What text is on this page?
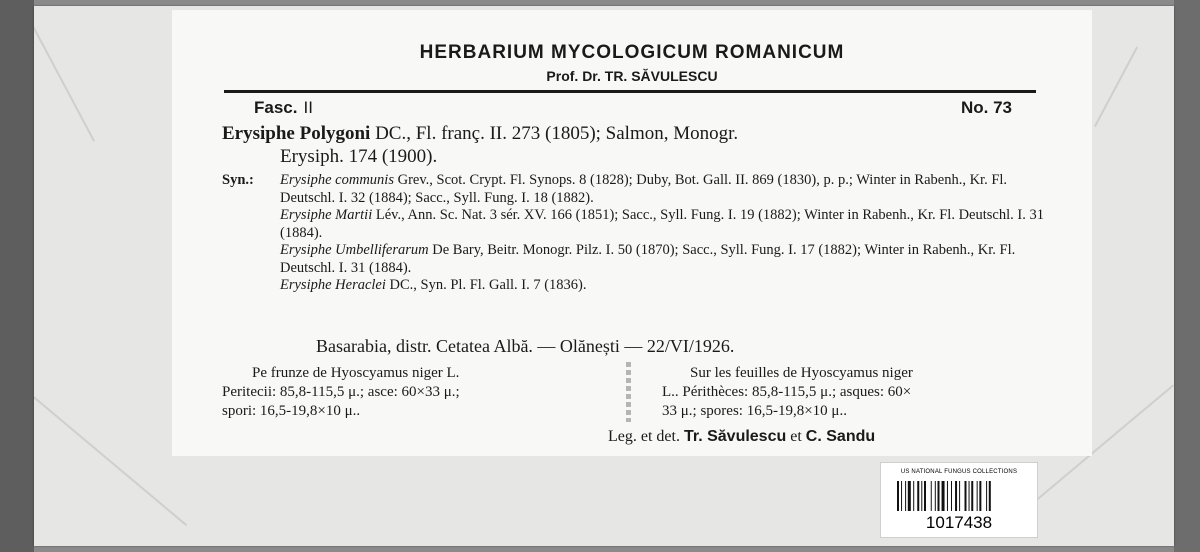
HERBARIUM MYCOLOGICUM ROMANICUM
Prof. Dr. TR. SĂVULESCU
Fasc. II	No. 73
Erysiphe Polygoni DC., Fl. franç. II. 273 (1805); Salmon, Monogr.
Erysiph. 174 (1900).
Syn.: Erysiphe communis Grev., Scot. Crypt. Fl. Synops. 8 (1828); Duby, Bot. Gall. II. 869 (1830), p. p.; Winter in Rabenh., Kr. Fl. Deutschl. I. 32 (1884); Sacc., Syll. Fung. I. 18 (1882).
Erysiphe Martii Lév., Ann. Sc. Nat. 3 sér. XV. 166 (1851); Sacc., Syll. Fung. I. 19 (1882); Winter in Rabenh., Kr. Fl. Deutschl. I. 31 (1884).
Erysiphe Umbelliferarum De Bary, Beitr. Monogr. Pilz. I. 50 (1870); Sacc., Syll. Fung. I. 17 (1882); Winter in Rabenh., Kr. Fl. Deutschl. I. 31 (1884).
Erysiphe Heraclei DC., Syn. Pl. Fl. Gall. I. 7 (1836).
Basarabia, distr. Cetatea Albă. — Olănești — 22/VI/1926.
Pe frunze de Hyoscyamus niger L.
Peritecii: 85,8-115,5 μ.; asce: 60×33 μ.;
spori: 16,5-19,8×10 μ..
Sur les feuilles de Hyoscyamus niger
L.. Périthèces: 85,8-115,5 μ.; asques: 60×
33 μ.; spores: 16,5-19,8×10 μ..
Leg. et det. Tr. Săvulescu et C. Sandu
US NATIONAL FUNGUS COLLECTIONS
1017438
